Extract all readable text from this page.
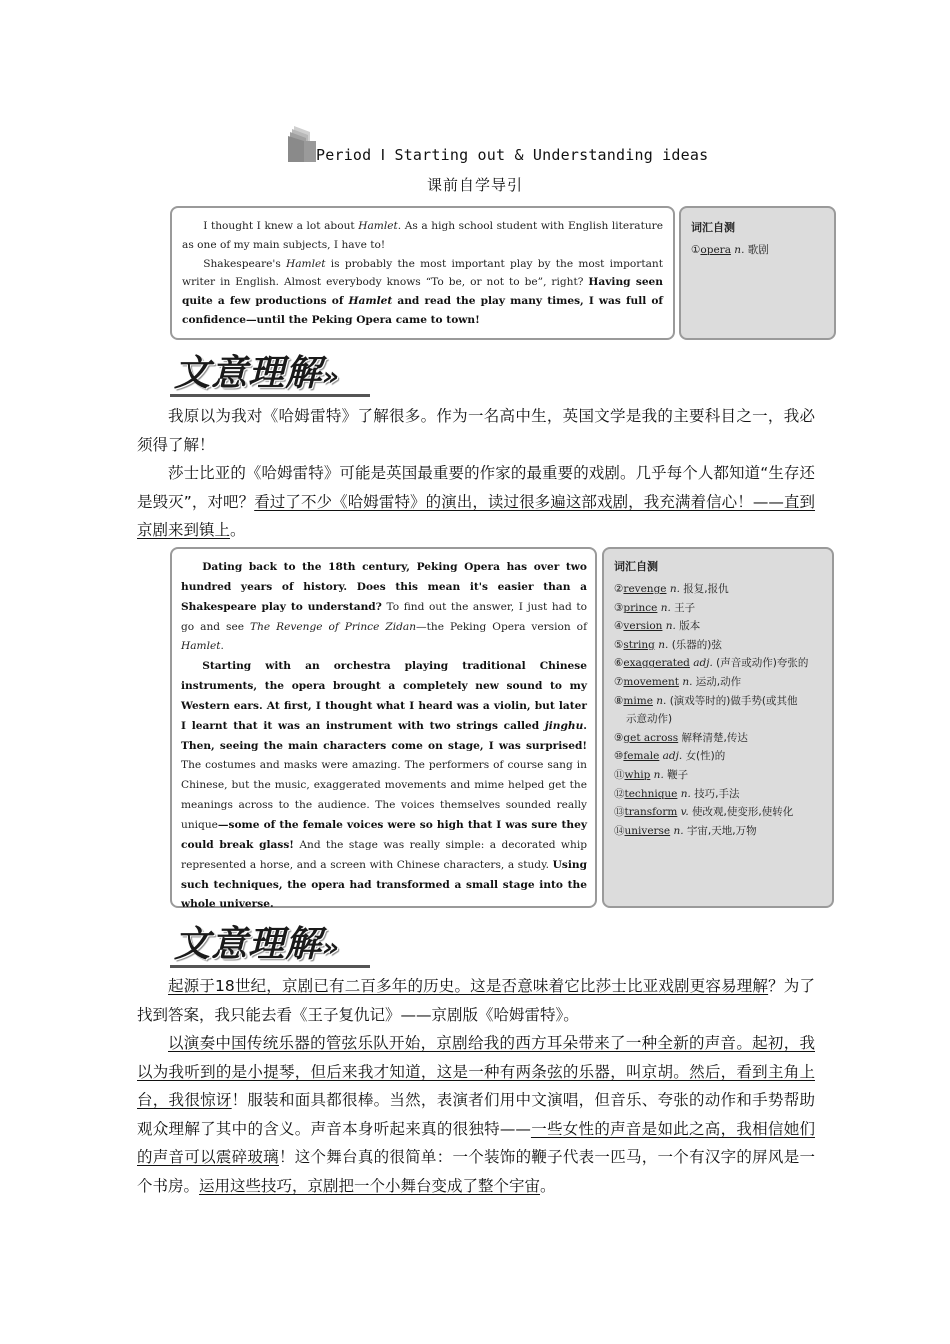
Period Ⅰ Starting out & Understanding ideas
课前自学导引

I thought I knew a lot about Hamlet. As a high school student with English literature as one of my main subjects, I have to!

Shakespeare's Hamlet is probably the most important play by the most important writer in English. Almost everybody knows “To be, or not to be”, right? Having seen quite a few productions of Hamlet and read the play many times, I was full of confidence—until the Peking Opera came to town!

词汇自测
①opera n. 歌剧
文意理解»

我原以为我对《哈姆雷特》了解很多。作为一名高中生，英国文学是我的主要科目之一，我必须得了解！

莎士比亚的《哈姆雷特》可能是英国最重要的作家的最重要的戏剧。几乎每个人都知道“生存还是毁灭”，对吧？看过了不少《哈姆雷特》的演出，读过很多遍这部戏剧，我充满着信心！——直到京剧来到镇上。

Dating back to the 18th century, Peking Opera has over two hundred years of history. Does this mean it's easier than a Shakespeare play to understand? To find out the answer, I just had to go and see The Revenge of Prince Zidan—the Peking Opera version of Hamlet.

Starting with an orchestra playing traditional Chinese instruments, the opera brought a completely new sound to my Western ears. At first, I thought what I heard was a violin, but later I learnt that it was an instrument with two strings called jinghu. Then, seeing the main characters come on stage, I was surprised! The costumes and masks were amazing. The performers of course sang in Chinese, but the music, exaggerated movements and mime helped get the meanings across to the audience. The voices themselves sounded really unique—some of the female voices were so high that I was sure they could break glass! And the stage was really simple: a decorated whip represented a horse, and a screen with Chinese characters, a study. Using such techniques, the opera had transformed a small stage into the whole universe.

词汇自测
②revenge n. 报复,报仇
③prince n. 王子
④version n. 版本
⑤string n. (乐器的)弦
⑥exaggerated adj. (声音或动作)夸张的
⑦movement n. 运动,动作
⑧mime n. (演戏等时的)做手势(或其他
示意动作)
⑨get across 解释清楚,传达
⑩female adj. 女(性)的
⑪whip n. 鞭子
⑫technique n. 技巧,手法
⑬transform v. 使改观,使变形,使转化
⑭universe n. 宇宙,天地,万物
文意理解»

起源于18世纪，京剧已有二百多年的历史。这是否意味着它比莎士比亚戏剧更容易理解？为了找到答案，我只能去看《王子复仇记》——京剧版《哈姆雷特》。

以演奏中国传统乐器的管弦乐队开始，京剧给我的西方耳朵带来了一种全新的声音。起初，我以为我听到的是小提琴，但后来我才知道，这是一种有两条弦的乐器，叫京胡。然后，看到主角上台，我很惊讶！服装和面具都很棒。当然，表演者们用中文演唱，但音乐、夸张的动作和手势帮助观众理解了其中的含义。声音本身听起来真的很独特——一些女性的声音是如此之高，我相信她们的声音可以震碎玻璃！这个舞台真的很简单：一个装饰的鞭子代表一匹马，一个有汉字的屏风是一个书房。运用这些技巧，京剧把一个小舞台变成了整个宇宙。
